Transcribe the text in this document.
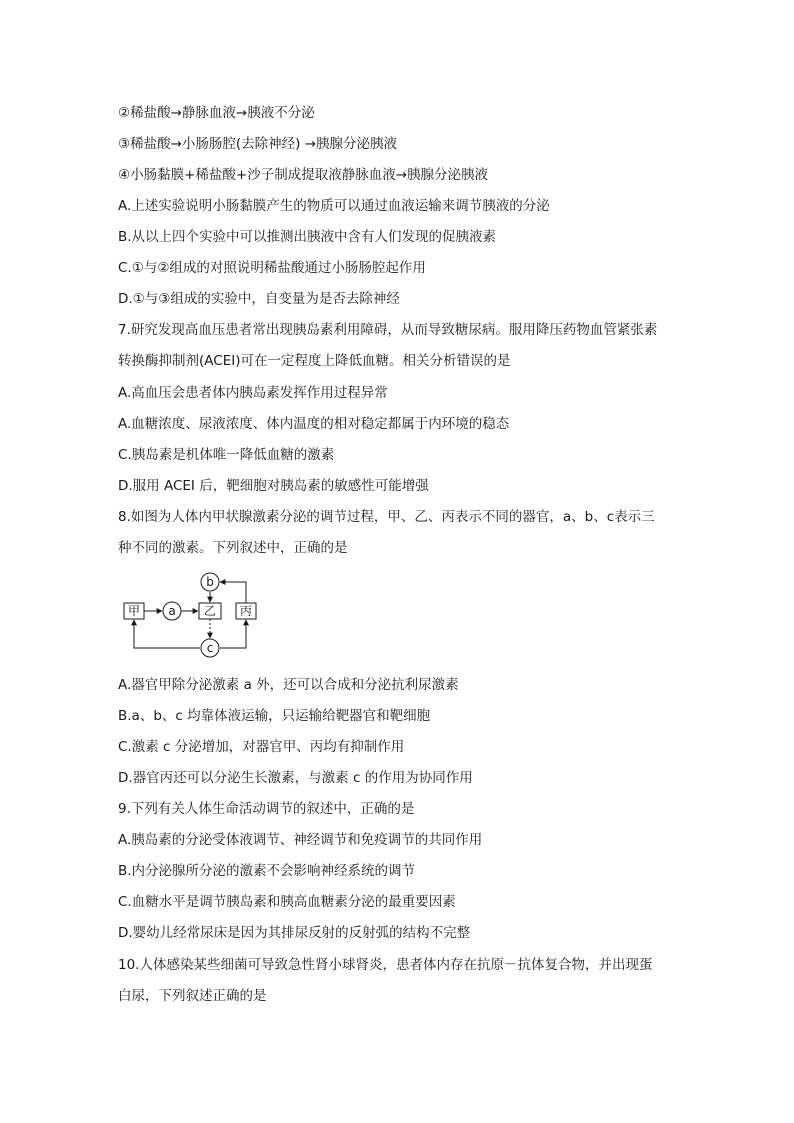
②稀盐酸→静脉血液→胰液不分泌
③稀盐酸→小肠肠腔(去除神经) →胰腺分泌胰液
④小肠黏膜+稀盐酸+沙子制成提取液静脉血液→胰腺分泌胰液
A.上述实验说明小肠黏膜产生的物质可以通过血液运输来调节胰液的分泌
B.从以上四个实验中可以推测出胰液中含有人们发现的促胰液素
C.①与②组成的对照说明稀盐酸通过小肠肠腔起作用
D.①与③组成的实验中，自变量为是否去除神经
7.研究发现高血压患者常出现胰岛素利用障碍，从而导致糖尿病。服用降压药物血管紧张素
转换酶抑制剂(ACEI)可在一定程度上降低血糖。相关分析错误的是
A.高血压会患者体内胰岛素发挥作用过程异常
A.血糖浓度、尿液浓度、体内温度的相对稳定都属于内环境的稳态
C.胰岛素是机体唯一降低血糖的激素
D.服用 ACEI 后，靶细胞对胰岛素的敏感性可能增强
8.如图为人体内甲状腺激素分泌的调节过程，甲、乙、丙表示不同的器官，a、b、c表示三
种不同的激素。下列叙述中，正确的是
A.器官甲除分泌激素 a 外，还可以合成和分泌抗利尿激素
B.a、b、c 均靠体液运输，只运输给靶器官和靶细胞
C.激素 c 分泌增加，对器官甲、丙均有抑制作用
D.器官丙还可以分泌生长激素，与激素 c 的作用为协同作用
9.下列有关人体生命活动调节的叙述中，正确的是
A.胰岛素的分泌受体液调节、神经调节和免疫调节的共同作用
B.内分泌腺所分泌的激素不会影响神经系统的调节
C.血糖水平是调节胰岛素和胰高血糖素分泌的最重要因素
D.婴幼儿经常尿床是因为其排尿反射的反射弧的结构不完整
10.人体感染某些细菌可导致急性肾小球肾炎，患者体内存在抗原－抗体复合物，并出现蛋
白尿，下列叙述正确的是
甲	乙 丙
a
b
c
